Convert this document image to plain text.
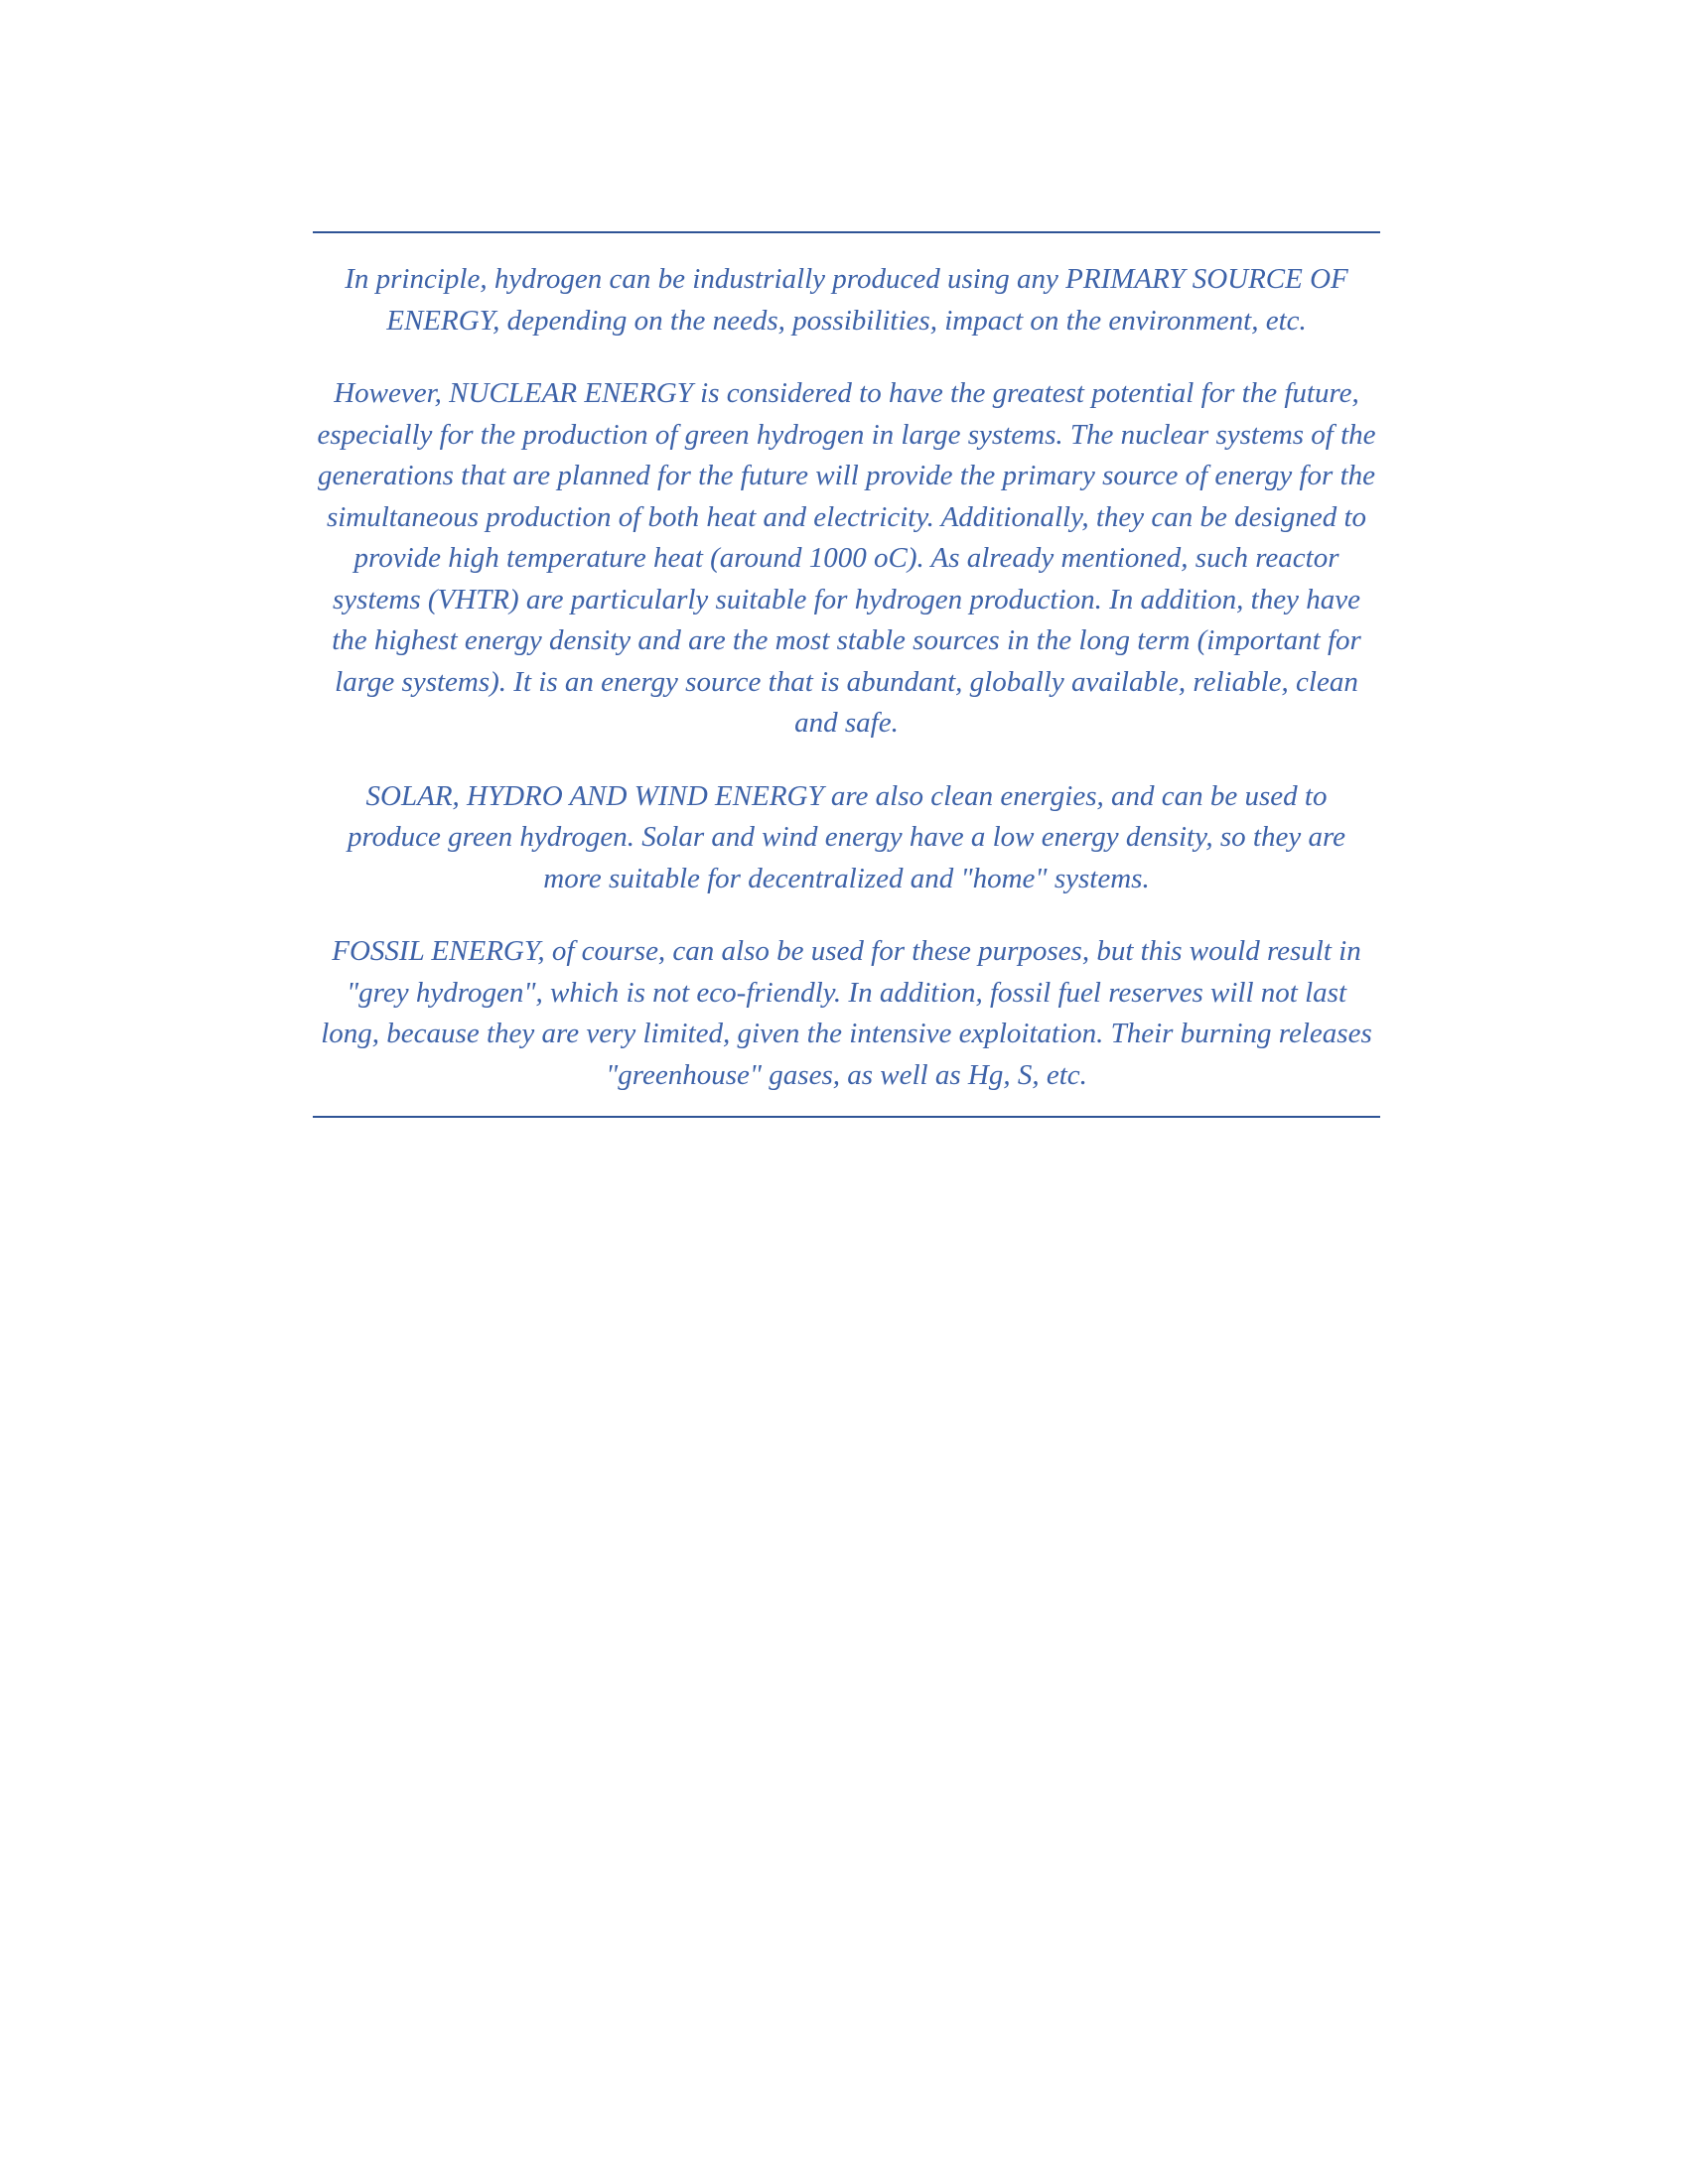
In principle, hydrogen can be industrially produced using any PRIMARY SOURCE OF ENERGY, depending on the needs, possibilities, impact on the environment, etc.

However, NUCLEAR ENERGY is considered to have the greatest potential for the future, especially for the production of green hydrogen in large systems. The nuclear systems of the generations that are planned for the future will provide the primary source of energy for the simultaneous production of both heat and electricity. Additionally, they can be designed to provide high temperature heat (around 1000 oC). As already mentioned, such reactor systems (VHTR) are particularly suitable for hydrogen production. In addition, they have the highest energy density and are the most stable sources in the long term (important for large systems). It is an energy source that is abundant, globally available, reliable, clean and safe.

SOLAR, HYDRO AND WIND ENERGY are also clean energies, and can be used to produce green hydrogen. Solar and wind energy have a low energy density, so they are more suitable for decentralized and "home" systems.

FOSSIL ENERGY, of course, can also be used for these purposes, but this would result in "grey hydrogen", which is not eco-friendly. In addition, fossil fuel reserves will not last long, because they are very limited, given the intensive exploitation. Their burning releases "greenhouse" gases, as well as Hg, S, etc.
